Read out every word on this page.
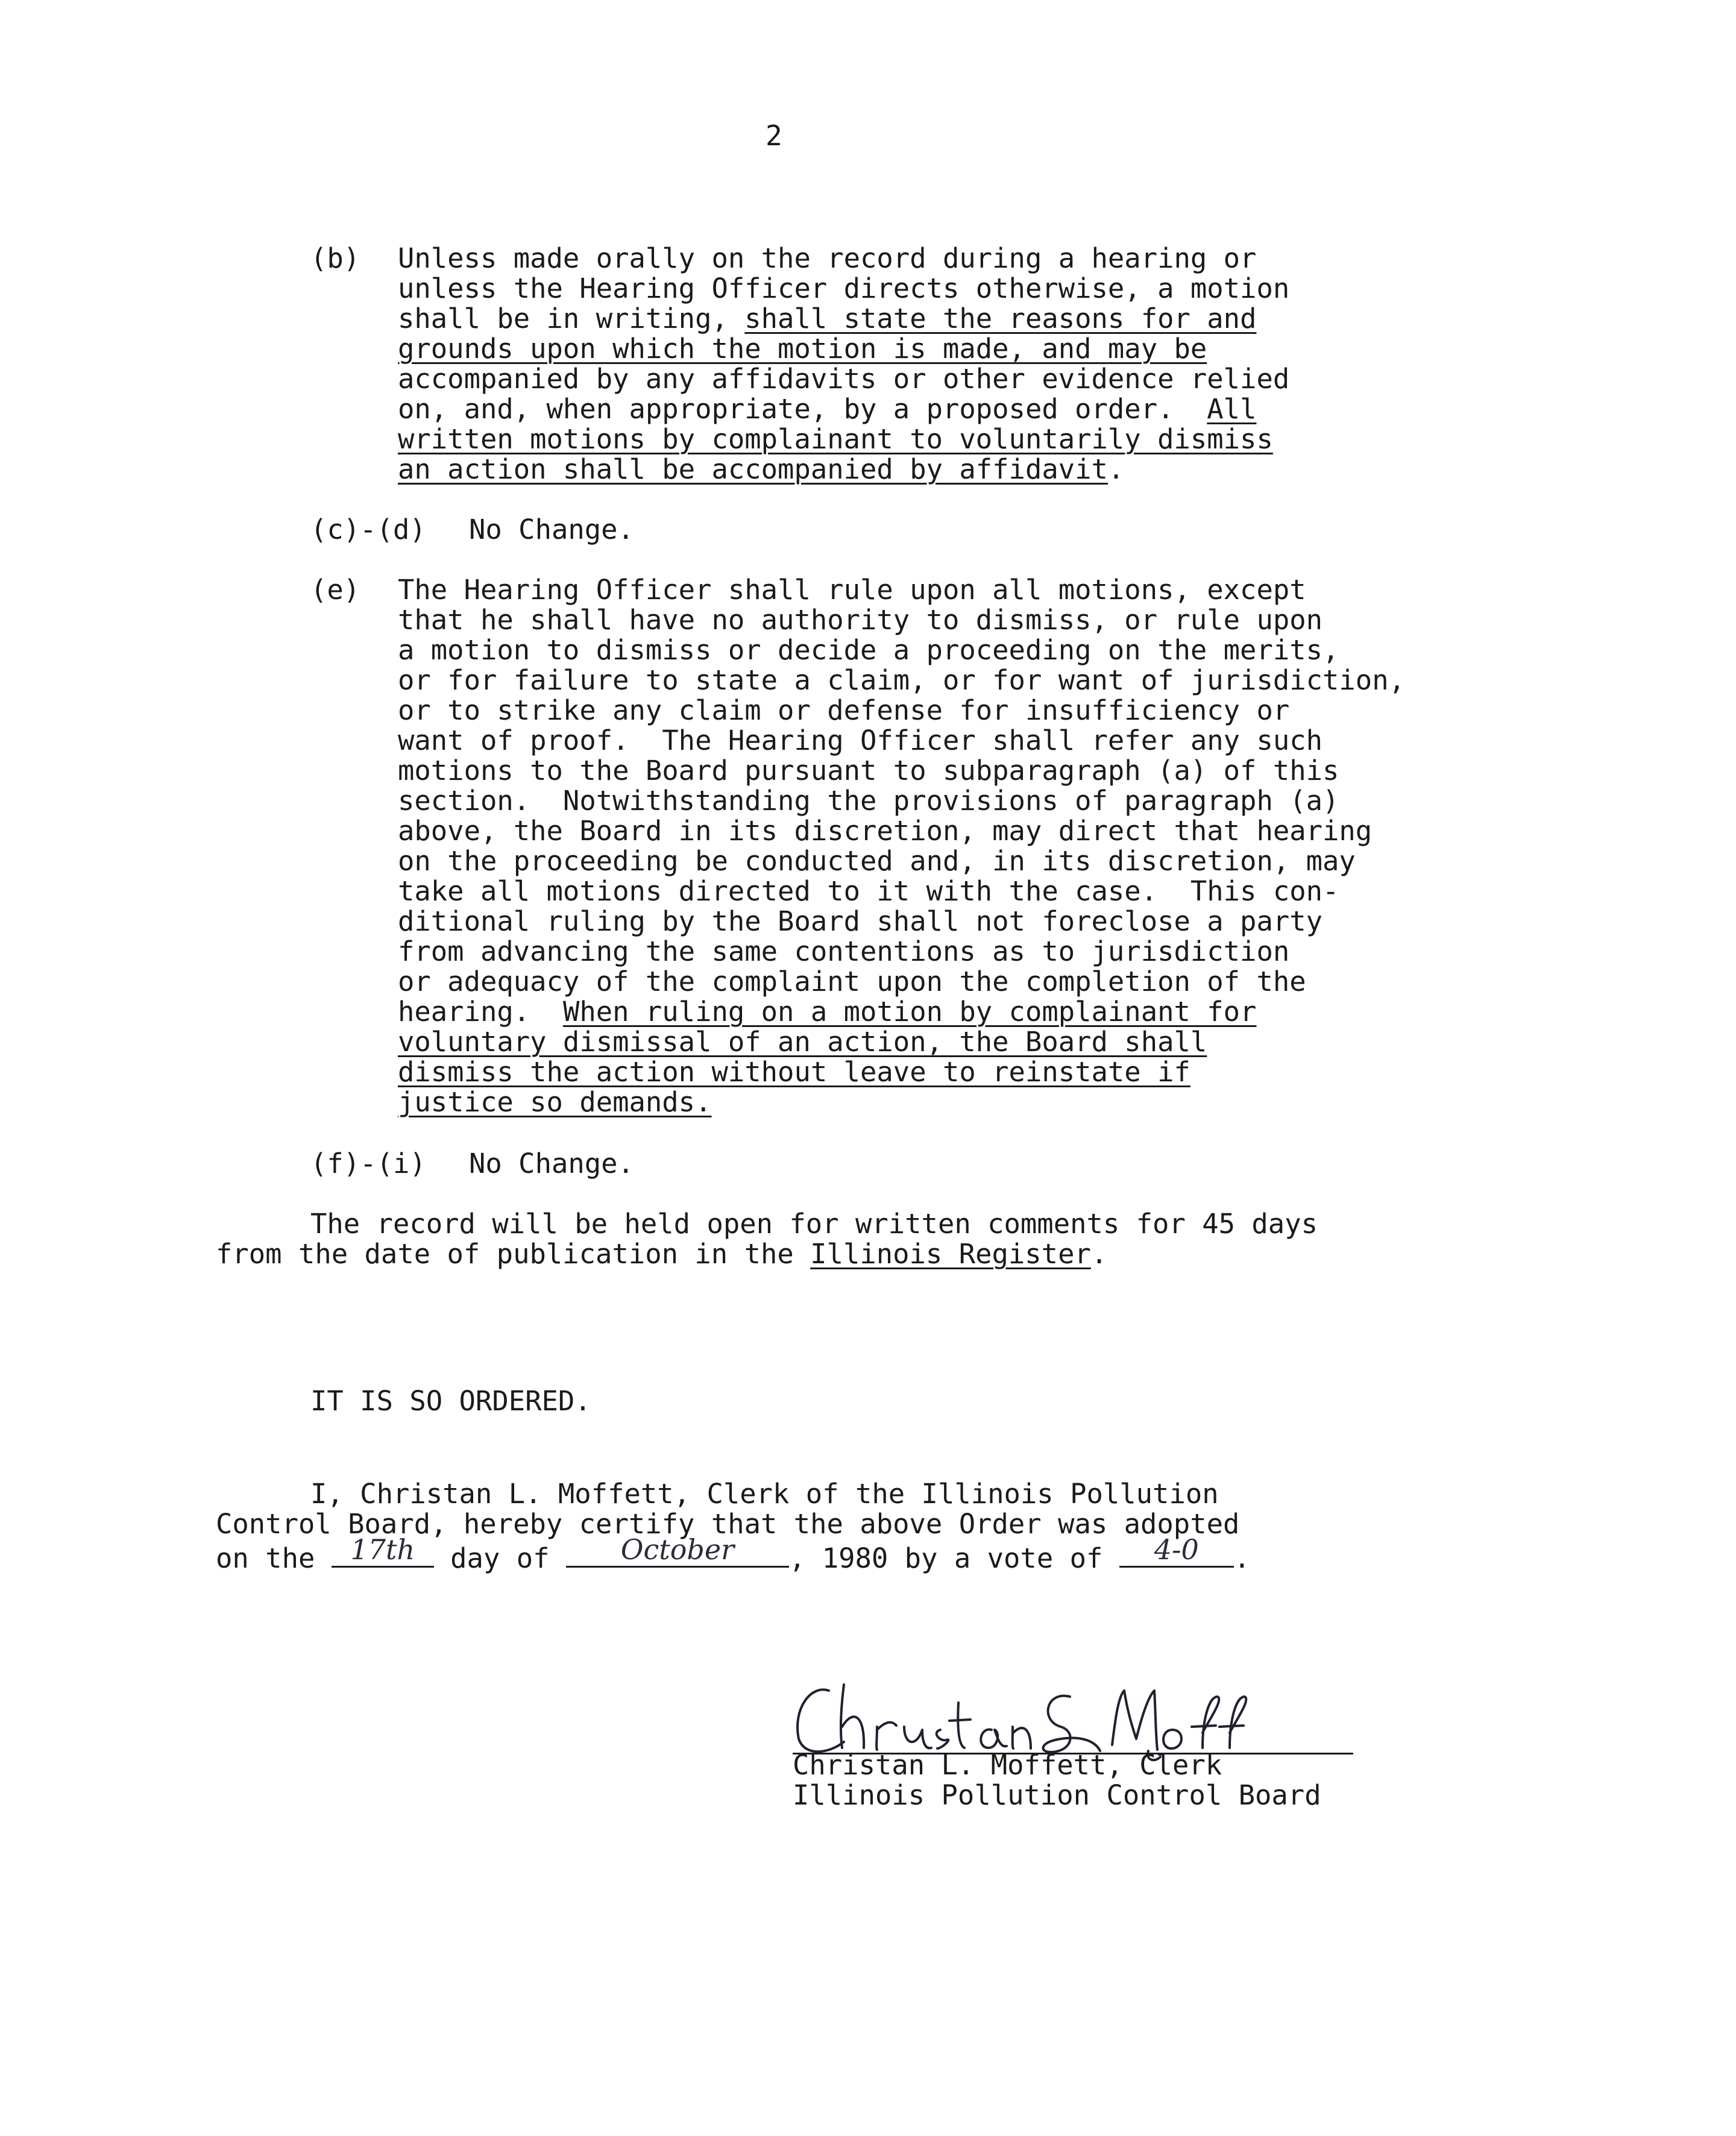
2
(b) Unless made orally on the record during a hearing or
unless the Hearing Officer directs otherwise, a motion
shall be in writing, shall state the reasons for and
grounds upon which the motion is made, and may be
accompanied by any affidavits or other evidence relied
on, and, when appropriate, by a proposed order.  All
written motions by complainant to voluntarily dismiss
an action shall be accompanied by affidavit.
(c)-(d) No Change.
(e) The Hearing Officer shall rule upon all motions, except
that he shall have no authority to dismiss, or rule upon
a motion to dismiss or decide a proceeding on the merits,
or for failure to state a claim, or for want of jurisdiction,
or to strike any claim or defense for insufficiency or
want of proof.  The Hearing Officer shall refer any such
motions to the Board pursuant to subparagraph (a) of this
section.  Notwithstanding the provisions of paragraph (a)
above, the Board in its discretion, may direct that hearing
on the proceeding be conducted and, in its discretion, may
take all motions directed to it with the case.  This con-
ditional ruling by the Board shall not foreclose a party
from advancing the same contentions as to jurisdiction
or adequacy of the complaint upon the completion of the
hearing.  When ruling on a motion by complainant for
voluntary dismissal of an action, the Board shall
dismiss the action without leave to reinstate if
justice so demands.
(f)-(i) No Change.
The record will be held open for written comments for 45 days
from the date of publication in the Illinois Register.
IT IS SO ORDERED.
I, Christan L. Moffett, Clerk of the Illinois Pollution
Control Board, hereby certify that the above Order was adopted
on the 17th day of	October	, 1980 by a vote of	4-0	.
Christan L. Moffett, Clerk
Illinois Pollution Control Board
